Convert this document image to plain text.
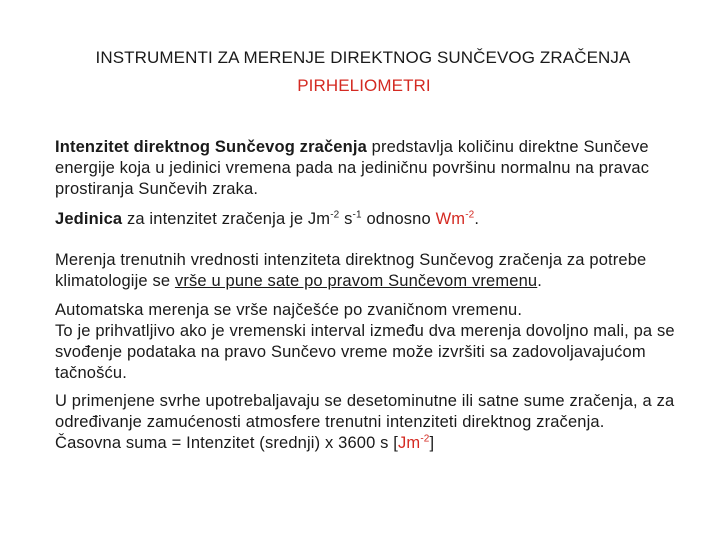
INSTRUMENTI ZA MERENJE DIREKTNOG SUNČEVOG ZRAČENJA
PIRHELIOMETRI

Intenzitet direktnog Sunčevog zračenja predstavlja količinu direktne Sunčeve energije koja u jedinici vremena pada na jediničnu površinu normalnu na pravac prostiranja Sunčevih zraka.

Jedinica za intenzitet zračenja je $Jm^{-2}$ $s^{-1}$ odnosno $Wm^{-2}$.

Merenja trenutnih vrednosti intenziteta direktnog Sunčevog zračenja za potrebe klimatologije se vrše u pune sate po pravom Sunčevom vremenu.

Automatska merenja se vrše najčešće po zvaničnom vremenu.

To je prihvatljivo ako je vremenski interval između dva merenja dovoljno mali, pa se svođenje podataka na pravo Sunčevo vreme može izvršiti sa zadovoljavajućom tačnošću.

U primenjene svrhe upotrebaljavaju se desetominutne ili satne sume zračenja, a za određivanje zamućenosti atmosfere trenutni intenziteti direktnog zračenja.

Časovna suma = Intenzitet (srednji) x 3600 s $[Jm^{-2}]$
